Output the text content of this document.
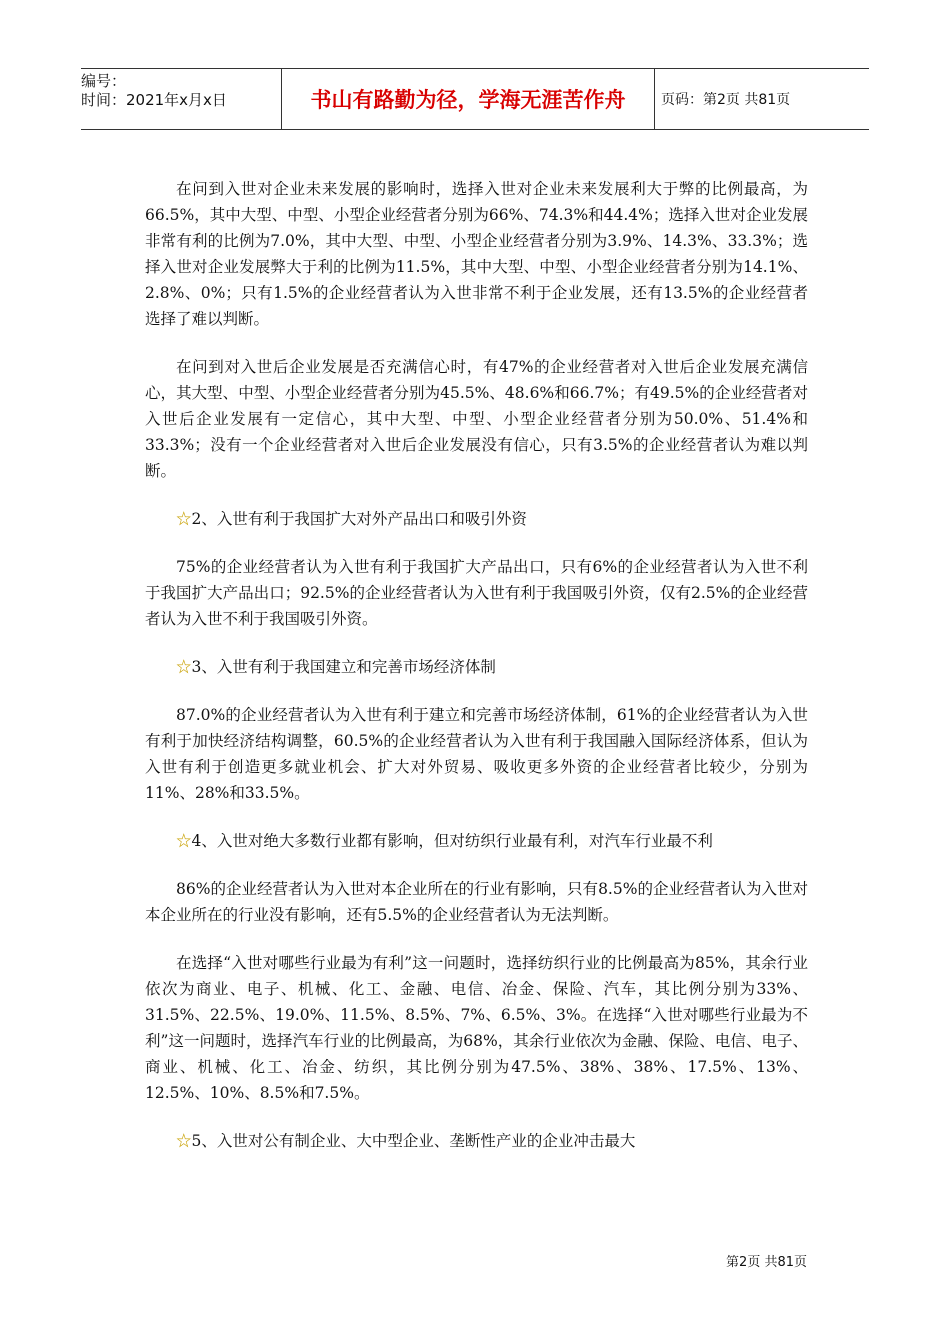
编号：
时间：2021年x月x日	书山有路勤为径，学海无涯苦作舟	页码：第2页 共81页

在问到入世对企业未来发展的影响时，选择入世对企业未来发展利大于弊的比例最高，为66.5%，其中大型、中型、小型企业经营者分别为66%、74.3%和44.4%；选择入世对企业发展非常有利的比例为7.0%，其中大型、中型、小型企业经营者分别为3.9%、14.3%、33.3%；选择入世对企业发展弊大于利的比例为11.5%，其中大型、中型、小型企业经营者分别为14.1%、2.8%、0%；只有1.5%的企业经营者认为入世非常不利于企业发展，还有13.5%的企业经营者选择了难以判断。

在问到对入世后企业发展是否充满信心时，有47%的企业经营者对入世后企业发展充满信心，其大型、中型、小型企业经营者分别为45.5%、48.6%和66.7%；有49.5%的企业经营者对入世后企业发展有一定信心，其中大型、中型、小型企业经营者分别为50.0%、51.4%和33.3%；没有一个企业经营者对入世后企业发展没有信心，只有3.5%的企业经营者认为难以判断。

☆2、入世有利于我国扩大对外产品出口和吸引外资

75%的企业经营者认为入世有利于我国扩大产品出口，只有6%的企业经营者认为入世不利于我国扩大产品出口；92.5%的企业经营者认为入世有利于我国吸引外资，仅有2.5%的企业经营者认为入世不利于我国吸引外资。

☆3、入世有利于我国建立和完善市场经济体制

87.0%的企业经营者认为入世有利于建立和完善市场经济体制，61%的企业经营者认为入世有利于加快经济结构调整，60.5%的企业经营者认为入世有利于我国融入国际经济体系，但认为入世有利于创造更多就业机会、扩大对外贸易、吸收更多外资的企业经营者比较少，分别为11%、28%和33.5%。

☆4、入世对绝大多数行业都有影响，但对纺织行业最有利，对汽车行业最不利

86%的企业经营者认为入世对本企业所在的行业有影响，只有8.5%的企业经营者认为入世对本企业所在的行业没有影响，还有5.5%的企业经营者认为无法判断。

在选择“入世对哪些行业最为有利”这一问题时，选择纺织行业的比例最高为85%，其余行业依次为商业、电子、机械、化工、金融、电信、冶金、保险、汽车，其比例分别为33%、31.5%、22.5%、19.0%、11.5%、8.5%、7%、6.5%、3%。在选择“入世对哪些行业最为不利”这一问题时，选择汽车行业的比例最高，为68%，其余行业依次为金融、保险、电信、电子、商业、机械、化工、冶金、纺织，其比例分别为47.5%、38%、38%、17.5%、13%、12.5%、10%、8.5%和7.5%。

☆5、入世对公有制企业、大中型企业、垄断性产业的企业冲击最大

第2页 共81页
